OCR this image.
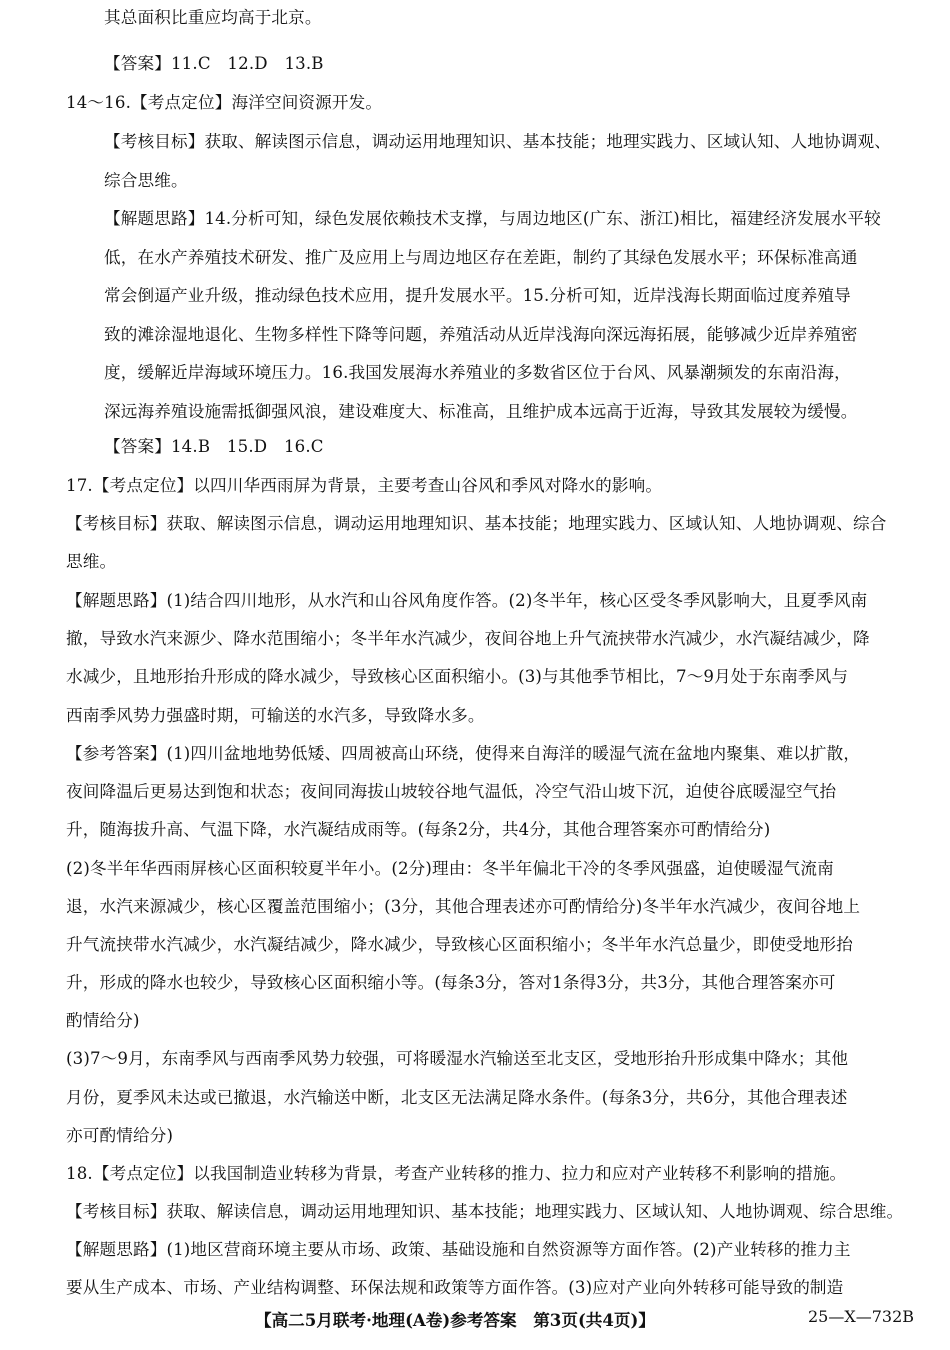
其总面积比重应均高于北京。
【答案】11.C　12.D　13.B
14～16.【考点定位】海洋空间资源开发。
【考核目标】获取、解读图示信息，调动运用地理知识、基本技能；地理实践力、区域认知、人地协调观、
综合思维。
【解题思路】14.分析可知，绿色发展依赖技术支撑，与周边地区(广东、浙江)相比，福建经济发展水平较
低，在水产养殖技术研发、推广及应用上与周边地区存在差距，制约了其绿色发展水平；环保标准高通
常会倒逼产业升级，推动绿色技术应用，提升发展水平。15.分析可知，近岸浅海长期面临过度养殖导
致的滩涂湿地退化、生物多样性下降等问题，养殖活动从近岸浅海向深远海拓展，能够减少近岸养殖密
度，缓解近岸海域环境压力。16.我国发展海水养殖业的多数省区位于台风、风暴潮频发的东南沿海，
深远海养殖设施需抵御强风浪，建设难度大、标准高，且维护成本远高于近海，导致其发展较为缓慢。
【答案】14.B　15.D　16.C
17.【考点定位】以四川华西雨屏为背景，主要考查山谷风和季风对降水的影响。
【考核目标】获取、解读图示信息，调动运用地理知识、基本技能；地理实践力、区域认知、人地协调观、综合
思维。
【解题思路】(1)结合四川地形，从水汽和山谷风角度作答。(2)冬半年，核心区受冬季风影响大，且夏季风南
撤，导致水汽来源少、降水范围缩小；冬半年水汽减少，夜间谷地上升气流挟带水汽减少，水汽凝结减少，降
水减少，且地形抬升形成的降水减少，导致核心区面积缩小。(3)与其他季节相比，7～9月处于东南季风与
西南季风势力强盛时期，可输送的水汽多，导致降水多。
【参考答案】(1)四川盆地地势低矮、四周被高山环绕，使得来自海洋的暖湿气流在盆地内聚集、难以扩散，
夜间降温后更易达到饱和状态；夜间同海拔山坡较谷地气温低，冷空气沿山坡下沉，迫使谷底暖湿空气抬
升，随海拔升高、气温下降，水汽凝结成雨等。(每条2分，共4分，其他合理答案亦可酌情给分)
(2)冬半年华西雨屏核心区面积较夏半年小。(2分)理由：冬半年偏北干冷的冬季风强盛，迫使暖湿气流南
退，水汽来源减少，核心区覆盖范围缩小；(3分，其他合理表述亦可酌情给分)冬半年水汽减少，夜间谷地上
升气流挟带水汽减少，水汽凝结减少，降水减少，导致核心区面积缩小；冬半年水汽总量少，即使受地形抬
升，形成的降水也较少，导致核心区面积缩小等。(每条3分，答对1条得3分，共3分，其他合理答案亦可
酌情给分)
(3)7～9月，东南季风与西南季风势力较强，可将暖湿水汽输送至北支区，受地形抬升形成集中降水；其他
月份，夏季风未达或已撤退，水汽输送中断，北支区无法满足降水条件。(每条3分，共6分，其他合理表述
亦可酌情给分)
18.【考点定位】以我国制造业转移为背景，考查产业转移的推力、拉力和应对产业转移不利影响的措施。
【考核目标】获取、解读信息，调动运用地理知识、基本技能；地理实践力、区域认知、人地协调观、综合思维。
【解题思路】(1)地区营商环境主要从市场、政策、基础设施和自然资源等方面作答。(2)产业转移的推力主
要从生产成本、市场、产业结构调整、环保法规和政策等方面作答。(3)应对产业向外转移可能导致的制造
【高二5月联考·地理(A卷)参考答案　第3页(共4页)】	25—X—732B
